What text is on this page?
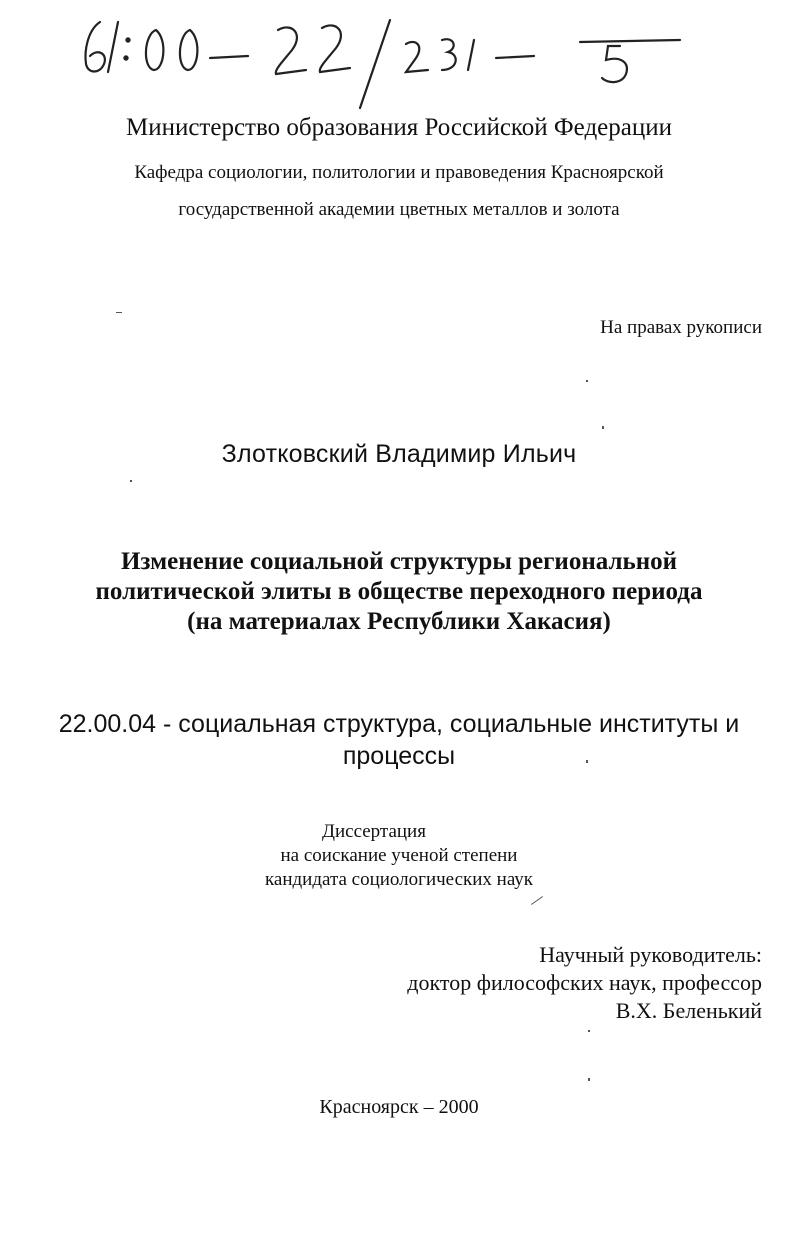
Министерство образования Российской Федерации
Кафедра социологии, политологии и правоведения Красноярской
государственной академии цветных металлов и золота
На правах рукописи
Злотковский Владимир Ильич
Изменение социальной структуры региональной
политической элиты в обществе переходного периода
(на материалах Республики Хакасия)
22.00.04 - социальная структура, социальные институты и
процессы
Диссертация
на соискание ученой степени
кандидата социологических наук
Научный руководитель:
доктор философских наук, профессор
В.Х. Беленький
Красноярск – 2000
